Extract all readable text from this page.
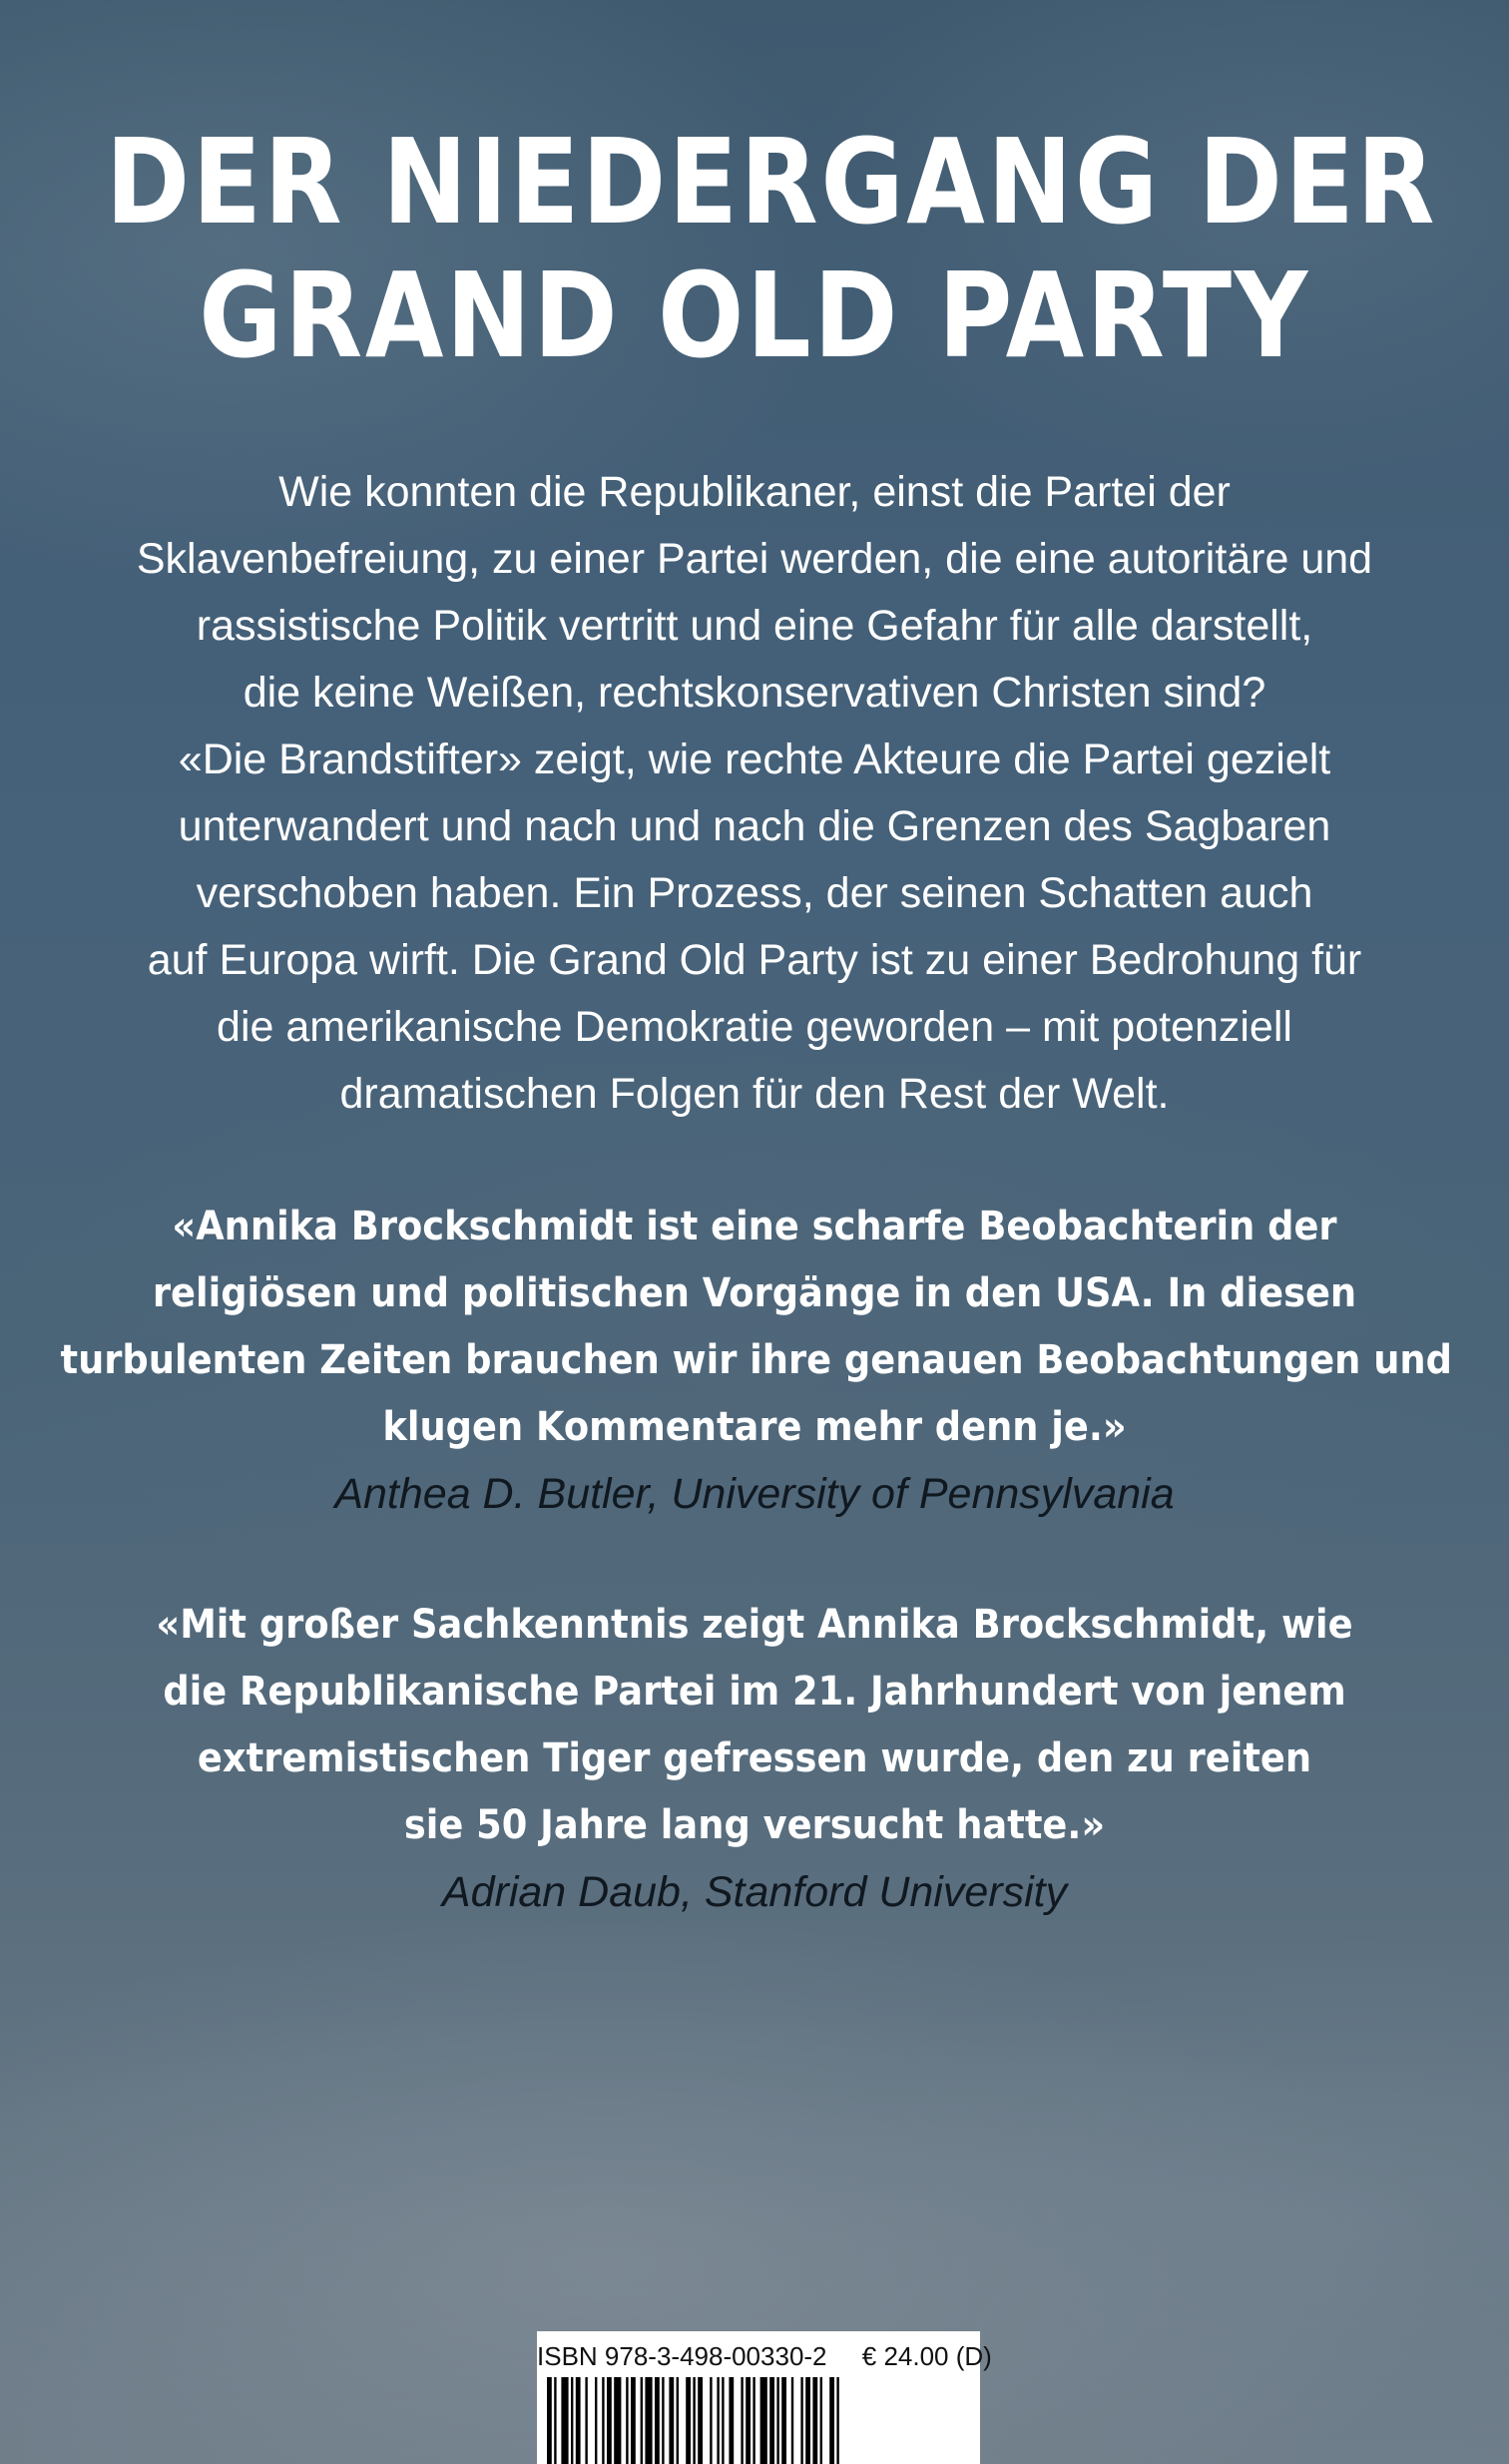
DER NIEDERGANG DER
GRAND OLD PARTY
Wie konnten die Republikaner, einst die Partei der
Sklavenbefreiung, zu einer Partei werden, die eine autoritäre und
rassistische Politik vertritt und eine Gefahr für alle darstellt,
die keine Weißen, rechtskonservativen Christen sind?
«Die Brandstifter» zeigt, wie rechte Akteure die Partei gezielt
unterwandert und nach und nach die Grenzen des Sagbaren
verschoben haben. Ein Prozess, der seinen Schatten auch
auf Europa wirft. Die Grand Old Party ist zu einer Bedrohung für
die amerikanische Demokratie geworden – mit potenziell
dramatischen Folgen für den Rest der Welt.
«Annika Brockschmidt ist eine scharfe Beobachterin der
religiösen und politischen Vorgänge in den USA. In diesen
turbulenten Zeiten brauchen wir ihre genauen Beobachtungen und
klugen Kommentare mehr denn je.»
Anthea D. Butler, University of Pennsylvania
«Mit großer Sachkenntnis zeigt Annika Brockschmidt, wie
die Republikanische Partei im 21. Jahrhundert von jenem
extremistischen Tiger gefressen wurde, den zu reiten
sie 50 Jahre lang versucht hatte.»
Adrian Daub, Stanford University
ISBN 978-3-498-00330-2 € 24.00 (D)
